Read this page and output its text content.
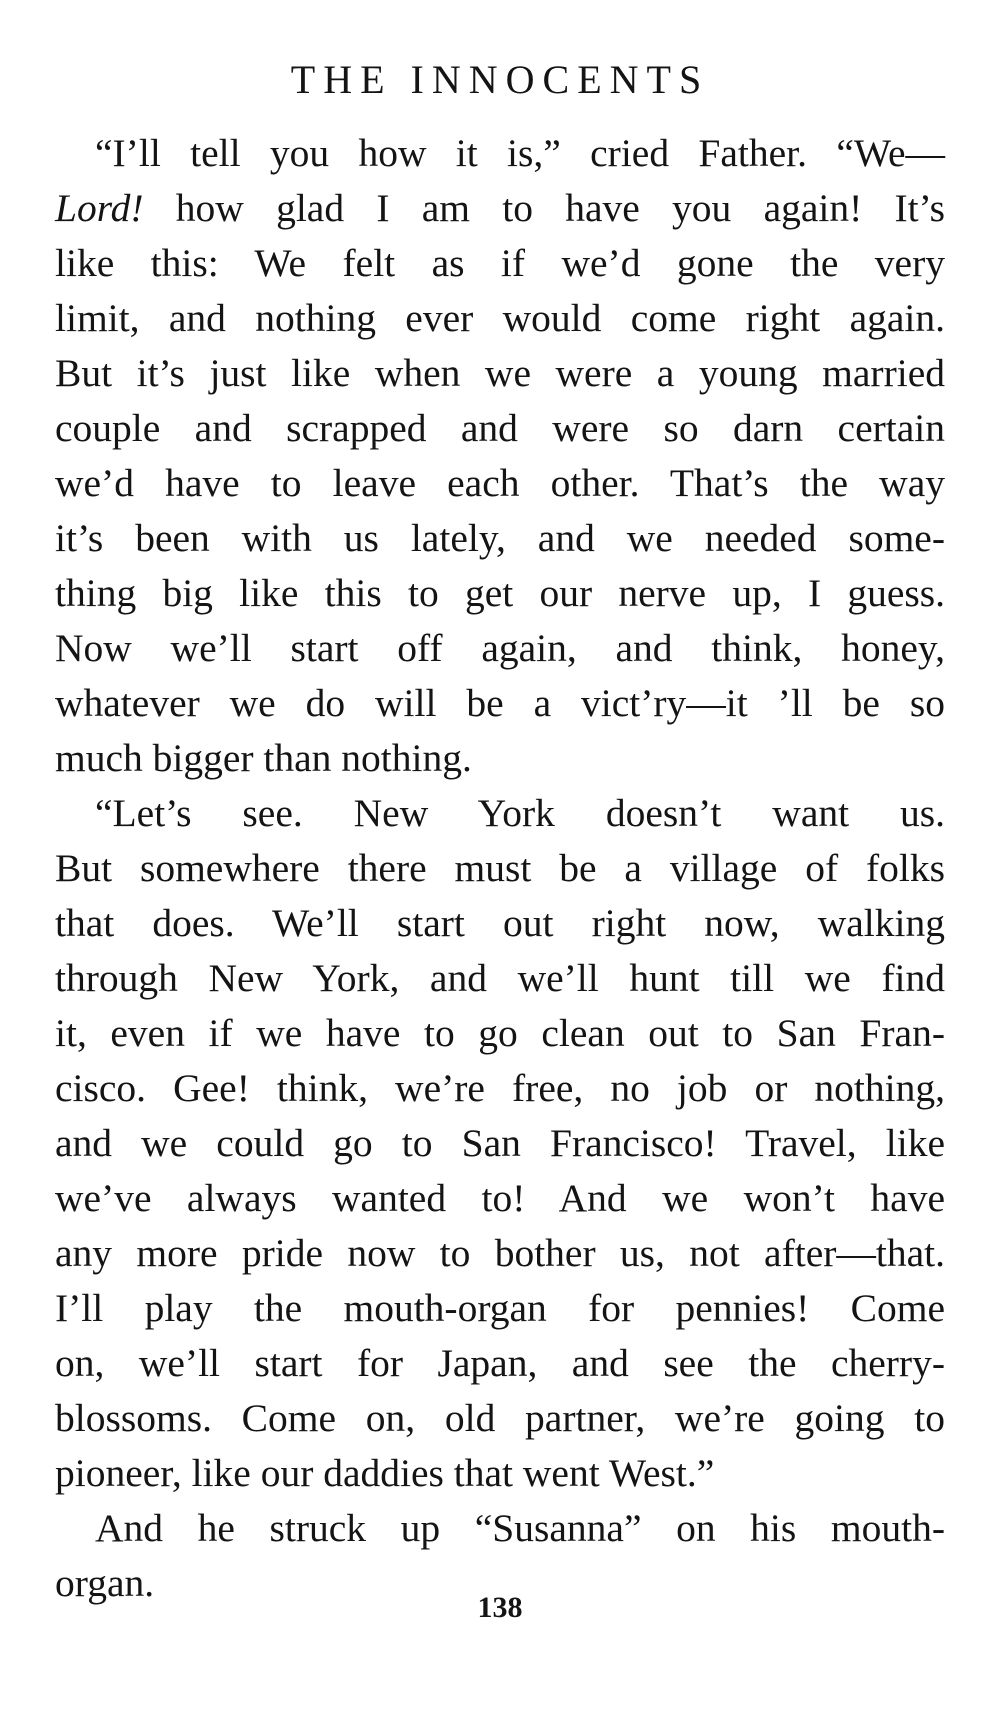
THE INNOCENTS
“I’ll tell you how it is,” cried Father. “We—
Lord! how glad I am to have you again! It’s
like this: We felt as if we’d gone the very
limit, and nothing ever would come right again.
But it’s just like when we were a young married
couple and scrapped and were so darn certain
we’d have to leave each other. That’s the way
it’s been with us lately, and we needed some-
thing big like this to get our nerve up, I guess.
Now we’ll start off again, and think, honey,
whatever we do will be a vict’ry—it ’ll be so
much bigger than nothing.
“Let’s see. New York doesn’t want us.
But somewhere there must be a village of folks
that does. We’ll start out right now, walking
through New York, and we’ll hunt till we find
it, even if we have to go clean out to San Fran-
cisco. Gee! think, we’re free, no job or nothing,
and we could go to San Francisco! Travel, like
we’ve always wanted to! And we won’t have
any more pride now to bother us, not after—that.
I’ll play the mouth-organ for pennies! Come
on, we’ll start for Japan, and see the cherry-
blossoms. Come on, old partner, we’re going to
pioneer, like our daddies that went West.”
And he struck up “Susanna” on his mouth-
organ.
138
